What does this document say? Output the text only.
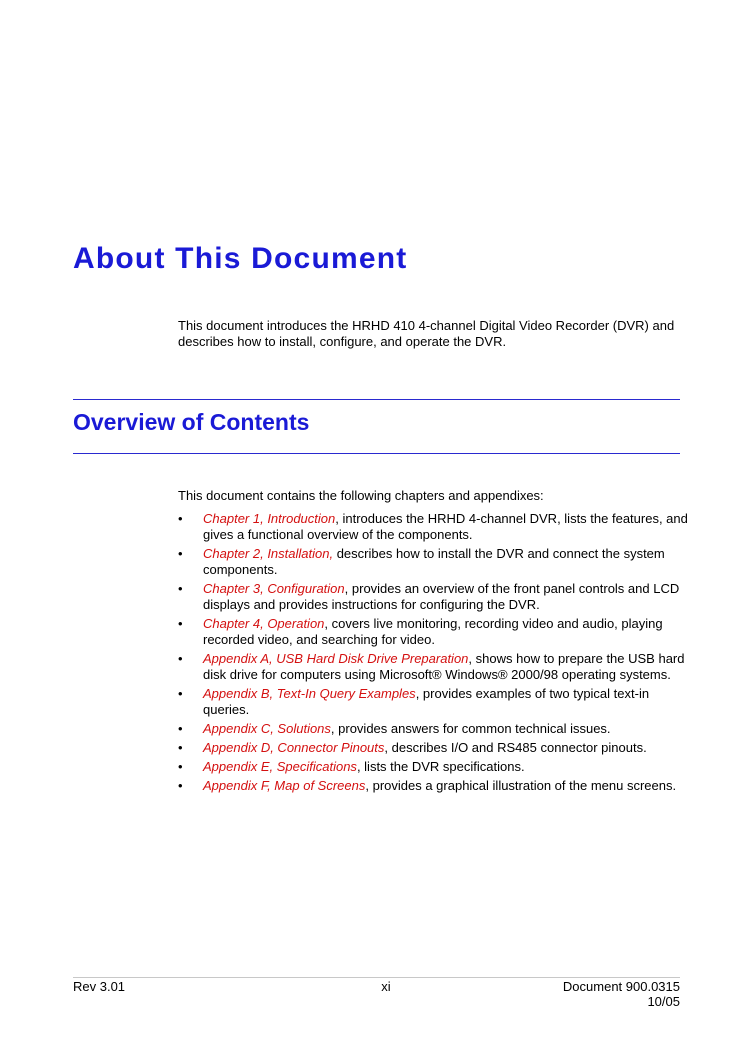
About This Document

This document introduces the HRHD 410 4-channel Digital Video Recorder (DVR) and describes how to install, configure, and operate the DVR.

Overview of Contents

This document contains the following chapters and appendixes:

• Chapter 1, Introduction, introduces the HRHD 4-channel DVR, lists the features, and gives a functional overview of the components.
• Chapter 2, Installation, describes how to install the DVR and connect the system components.
• Chapter 3, Configuration, provides an overview of the front panel controls and LCD displays and provides instructions for configuring the DVR.
• Chapter 4, Operation, covers live monitoring, recording video and audio, playing recorded video, and searching for video.
• Appendix A, USB Hard Disk Drive Preparation, shows how to prepare the USB hard disk drive for computers using Microsoft® Windows® 2000/98 operating systems.
• Appendix B, Text-In Query Examples, provides examples of two typical text-in queries.
• Appendix C, Solutions, provides answers for common technical issues.
• Appendix D, Connector Pinouts, describes I/O and RS485 connector pinouts.
• Appendix E, Specifications, lists the DVR specifications.
• Appendix F, Map of Screens, provides a graphical illustration of the menu screens.
Rev 3.01	xi	Document 900.0315
10/05
